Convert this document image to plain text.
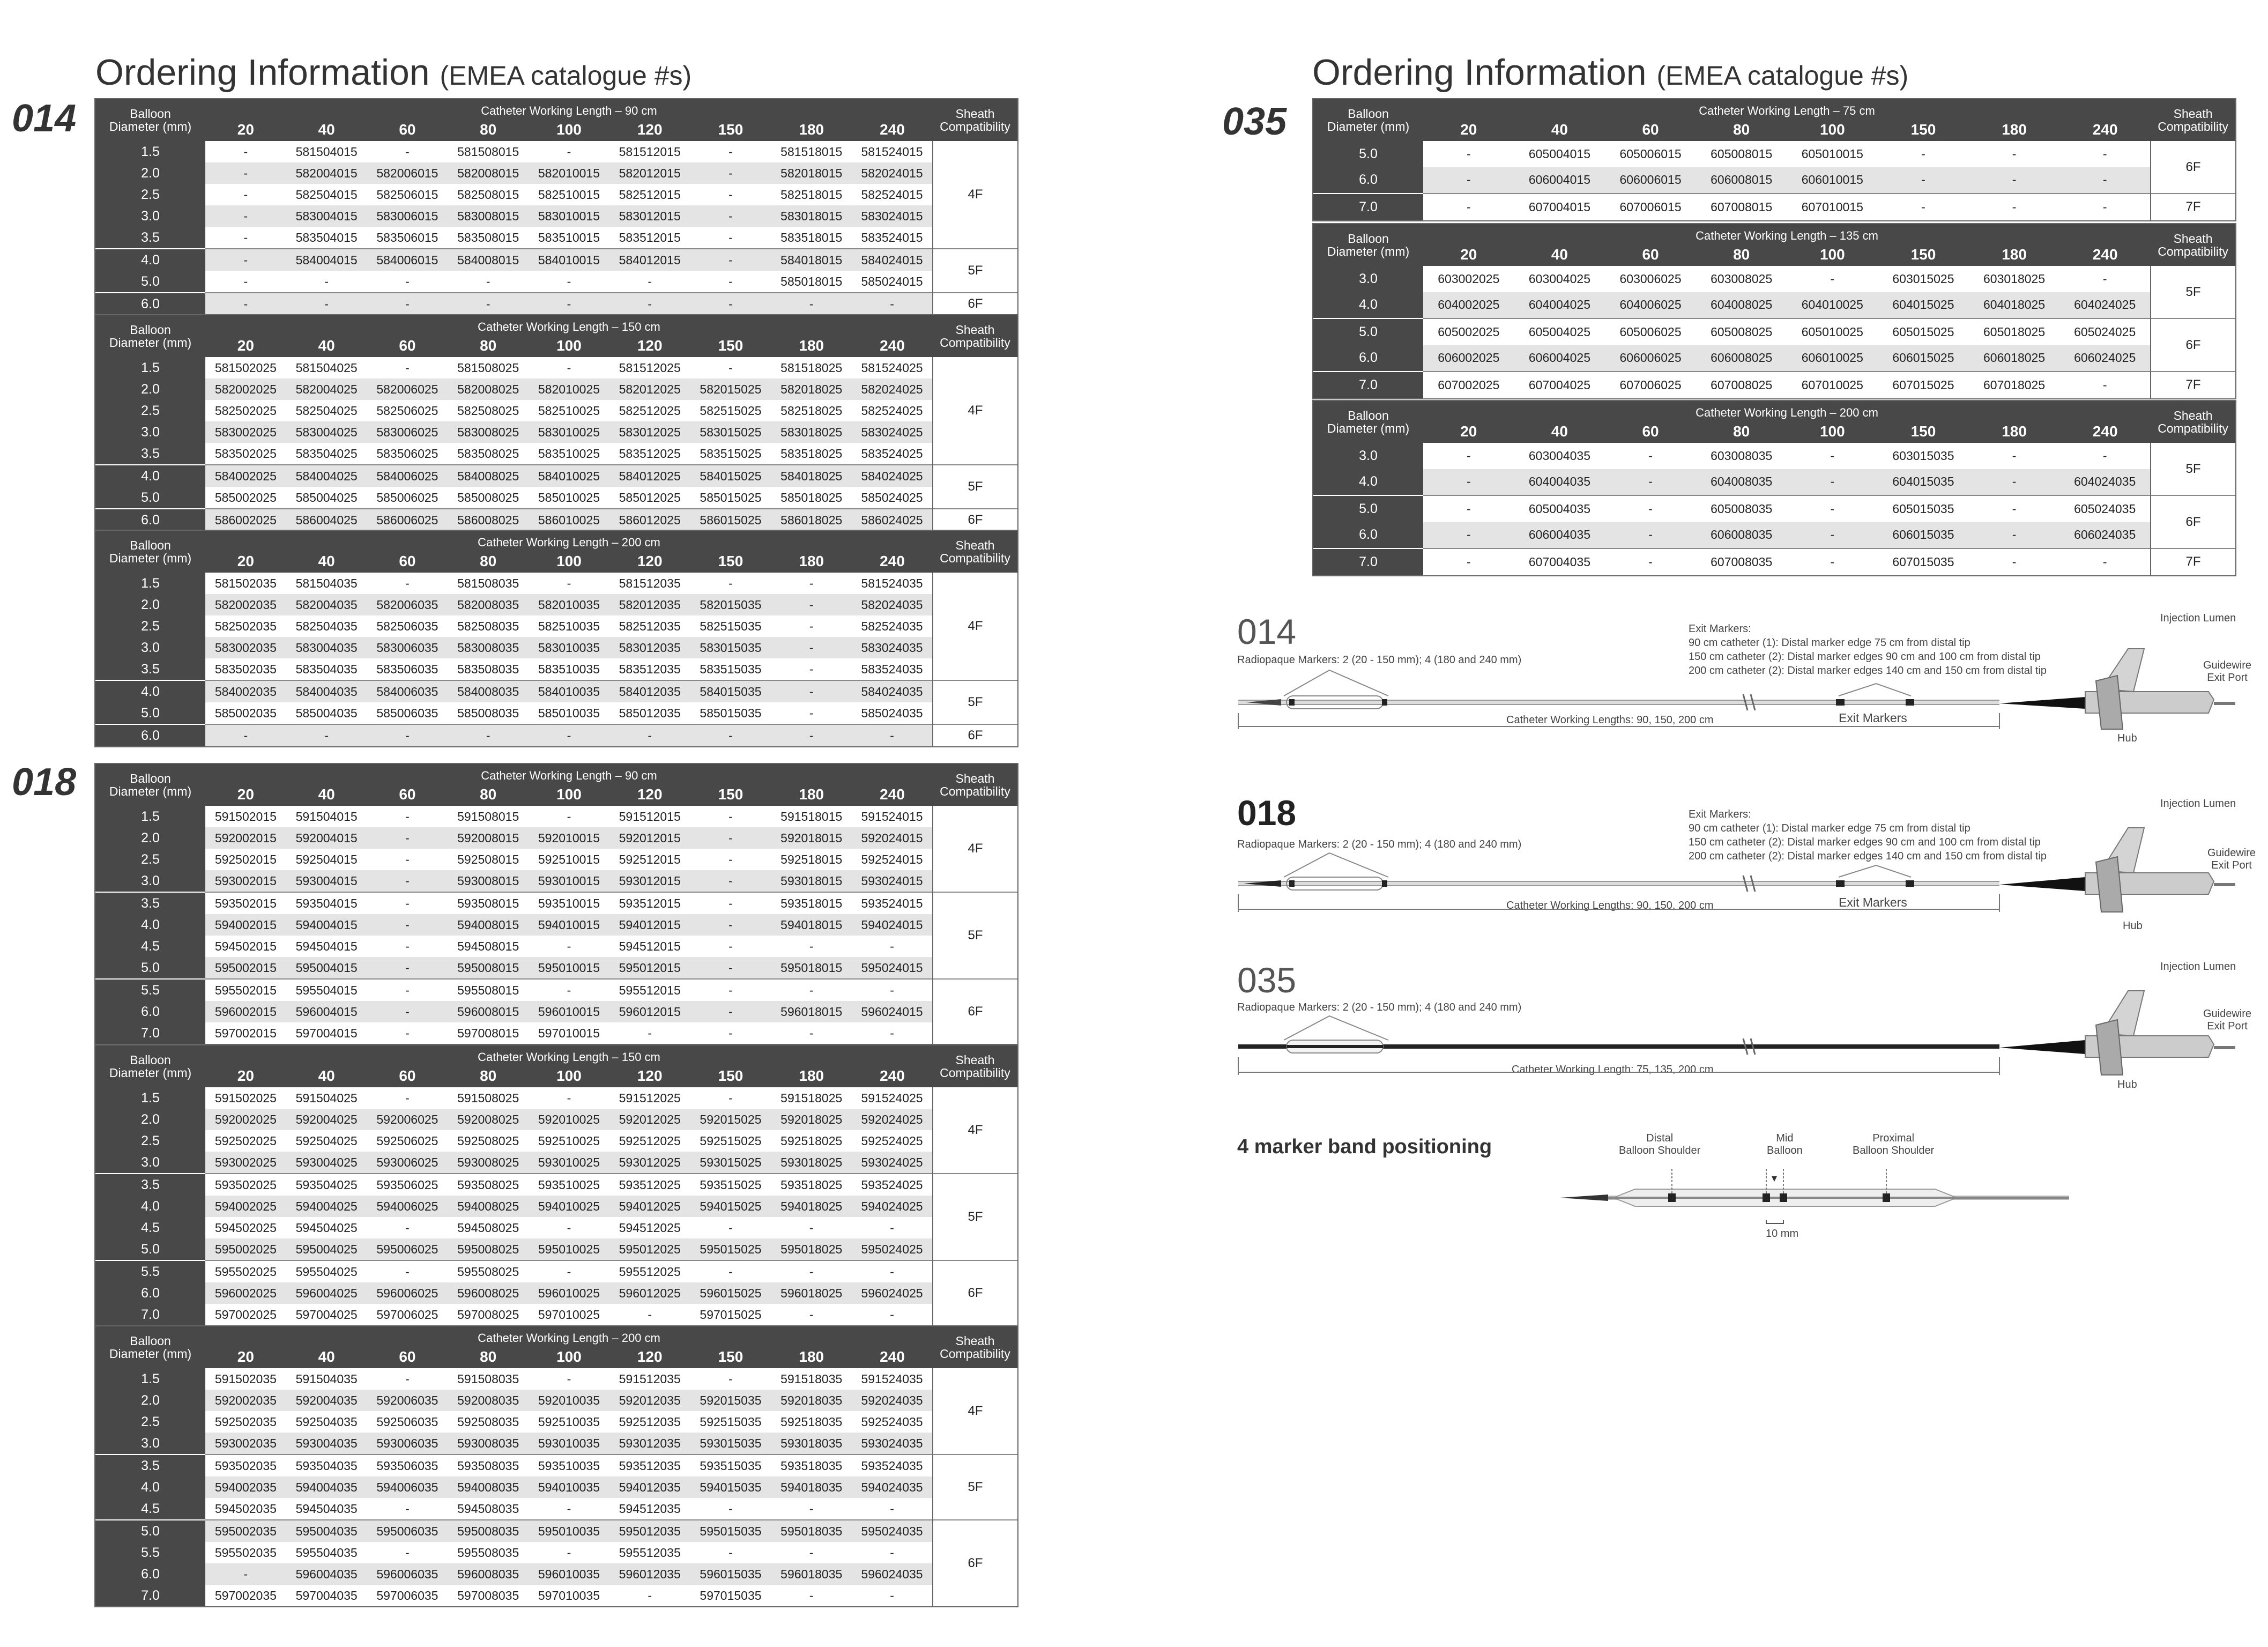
Ordering Information (EMEA catalogue #s)	Ordering Information (EMEA catalogue #s)
014
018
035
Balloon
Diameter (mm)	Catheter Working Length – 90 cm									Sheath
Compatibility
	20	40	60	80	100	120	150	180	240	
1.5	-	581504015	-	581508015	-	581512015	-	581518015	581524015	4F
2.0	-	582004015	582006015	582008015	582010015	582012015	-	582018015	582024015	
2.5	-	582504015	582506015	582508015	582510015	582512015	-	582518015	582524015	
3.0	-	583004015	583006015	583008015	583010015	583012015	-	583018015	583024015	
3.5	-	583504015	583506015	583508015	583510015	583512015	-	583518015	583524015	
4.0	-	584004015	584006015	584008015	584010015	584012015	-	584018015	584024015	5F
5.0	-	-	-	-	-	-	-	585018015	585024015	
6.0	-	-	-	-	-	-	-	-	-	6F
Balloon
Diameter (mm)	Catheter Working Length – 150 cm									Sheath
Compatibility
	20	40	60	80	100	120	150	180	240	
1.5	581502025	581504025	-	581508025	-	581512025	-	581518025	581524025	4F
2.0	582002025	582004025	582006025	582008025	582010025	582012025	582015025	582018025	582024025	
2.5	582502025	582504025	582506025	582508025	582510025	582512025	582515025	582518025	582524025	
3.0	583002025	583004025	583006025	583008025	583010025	583012025	583015025	583018025	583024025	
3.5	583502025	583504025	583506025	583508025	583510025	583512025	583515025	583518025	583524025	
4.0	584002025	584004025	584006025	584008025	584010025	584012025	584015025	584018025	584024025	5F
5.0	585002025	585004025	585006025	585008025	585010025	585012025	585015025	585018025	585024025	
6.0	586002025	586004025	586006025	586008025	586010025	586012025	586015025	586018025	586024025	6F
Balloon
Diameter (mm)	Catheter Working Length – 200 cm									Sheath
Compatibility
	20	40	60	80	100	120	150	180	240	
1.5	581502035	581504035	-	581508035	-	581512035	-	-	581524035	4F
2.0	582002035	582004035	582006035	582008035	582010035	582012035	582015035	-	582024035	
2.5	582502035	582504035	582506035	582508035	582510035	582512035	582515035	-	582524035	
3.0	583002035	583004035	583006035	583008035	583010035	583012035	583015035	-	583024035	
3.5	583502035	583504035	583506035	583508035	583510035	583512035	583515035	-	583524035	
4.0	584002035	584004035	584006035	584008035	584010035	584012035	584015035	-	584024035	5F
5.0	585002035	585004035	585006035	585008035	585010035	585012035	585015035	-	585024035	
6.0	-	-	-	-	-	-	-	-	-	6F
Balloon
Diameter (mm)	Catheter Working Length – 90 cm									Sheath
Compatibility
	20	40	60	80	100	120	150	180	240	
1.5	591502015	591504015	-	591508015	-	591512015	-	591518015	591524015	4F
2.0	592002015	592004015	-	592008015	592010015	592012015	-	592018015	592024015	
2.5	592502015	592504015	-	592508015	592510015	592512015	-	592518015	592524015	
3.0	593002015	593004015	-	593008015	593010015	593012015	-	593018015	593024015	
3.5	593502015	593504015	-	593508015	593510015	593512015	-	593518015	593524015	5F
4.0	594002015	594004015	-	594008015	594010015	594012015	-	594018015	594024015	
4.5	594502015	594504015	-	594508015	-	594512015	-	-	-	
5.0	595002015	595004015	-	595008015	595010015	595012015	-	595018015	595024015	
5.5	595502015	595504015	-	595508015	-	595512015	-	-	-	6F
6.0	596002015	596004015	-	596008015	596010015	596012015	-	596018015	596024015	
7.0	597002015	597004015	-	597008015	597010015	-	-	-	-	
Balloon
Diameter (mm)	Catheter Working Length – 150 cm									Sheath
Compatibility
	20	40	60	80	100	120	150	180	240	
1.5	591502025	591504025	-	591508025	-	591512025	-	591518025	591524025	4F
2.0	592002025	592004025	592006025	592008025	592010025	592012025	592015025	592018025	592024025	
2.5	592502025	592504025	592506025	592508025	592510025	592512025	592515025	592518025	592524025	
3.0	593002025	593004025	593006025	593008025	593010025	593012025	593015025	593018025	593024025	
3.5	593502025	593504025	593506025	593508025	593510025	593512025	593515025	593518025	593524025	5F
4.0	594002025	594004025	594006025	594008025	594010025	594012025	594015025	594018025	594024025	
4.5	594502025	594504025	-	594508025	-	594512025	-	-	-	
5.0	595002025	595004025	595006025	595008025	595010025	595012025	595015025	595018025	595024025	
5.5	595502025	595504025	-	595508025	-	595512025	-	-	-	6F
6.0	596002025	596004025	596006025	596008025	596010025	596012025	596015025	596018025	596024025	
7.0	597002025	597004025	597006025	597008025	597010025	-	597015025	-	-	
Balloon
Diameter (mm)	Catheter Working Length – 200 cm									Sheath
Compatibility
	20	40	60	80	100	120	150	180	240	
1.5	591502035	591504035	-	591508035	-	591512035	-	591518035	591524035	4F
2.0	592002035	592004035	592006035	592008035	592010035	592012035	592015035	592018035	592024035	
2.5	592502035	592504035	592506035	592508035	592510035	592512035	592515035	592518035	592524035	
3.0	593002035	593004035	593006035	593008035	593010035	593012035	593015035	593018035	593024035	
3.5	593502035	593504035	593506035	593508035	593510035	593512035	593515035	593518035	593524035	5F
4.0	594002035	594004035	594006035	594008035	594010035	594012035	594015035	594018035	594024035	
4.5	594502035	594504035	-	594508035	-	594512035	-	-	-	
5.0	595002035	595004035	595006035	595008035	595010035	595012035	595015035	595018035	595024035	6F
5.5	595502035	595504035	-	595508035	-	595512035	-	-	-	
6.0	-	596004035	596006035	596008035	596010035	596012035	596015035	596018035	596024035	
7.0	597002035	597004035	597006035	597008035	597010035	-	597015035	-	-	
Balloon
Diameter (mm)	Catheter Working Length – 75 cm								Sheath
Compatibility
	20	40	60	80	100	150	180	240	
5.0	-	605004015	605006015	605008015	605010015	-	-	-	6F
6.0	-	606004015	606006015	606008015	606010015	-	-	-	
7.0	-	607004015	607006015	607008015	607010015	-	-	-	7F
Balloon
Diameter (mm)	Catheter Working Length – 135 cm								Sheath
Compatibility
	20	40	60	80	100	150	180	240	
3.0	603002025	603004025	603006025	603008025	-	603015025	603018025	-	5F
4.0	604002025	604004025	604006025	604008025	604010025	604015025	604018025	604024025	
5.0	605002025	605004025	605006025	605008025	605010025	605015025	605018025	605024025	6F
6.0	606002025	606004025	606006025	606008025	606010025	606015025	606018025	606024025	
7.0	607002025	607004025	607006025	607008025	607010025	607015025	607018025	-	7F
Balloon
Diameter (mm)	Catheter Working Length – 200 cm								Sheath
Compatibility
	20	40	60	80	100	150	180	240	
3.0	-	603004035	-	603008035	-	603015035	-	-	5F
4.0	-	604004035	-	604008035	-	604015035	-	604024035	
5.0	-	605004035	-	605008035	-	605015035	-	605024035	6F
6.0	-	606004035	-	606008035	-	606015035	-	606024035	
7.0	-	607004035	-	607008035	-	607015035	-	-	7F
014
Radiopaque Markers: 2 (20 - 150 mm); 4 (180 and 240 mm)
Exit Markers:
90 cm catheter (1): Distal marker edge 75 cm from distal tip
150 cm catheter (2): Distal marker edges 90 cm and 100 cm from distal tip
200 cm catheter (2): Distal marker edges 140 cm and 150 cm from distal tip
Injection Lumen
Guidewire
Exit Port
Hub
Exit Markers
Catheter Working Lengths: 90, 150, 200 cm
018
Radiopaque Markers: 2 (20 - 150 mm); 4 (180 and 240 mm)
Exit Markers:
90 cm catheter (1): Distal marker edge 75 cm from distal tip
150 cm catheter (2): Distal marker edges 90 cm and 100 cm from distal tip
200 cm catheter (2): Distal marker edges 140 cm and 150 cm from distal tip
Injection Lumen
Guidewire
Exit Port
Hub
Exit Markers
Catheter Working Lengths: 90, 150, 200 cm
035
Radiopaque Markers: 2 (20 - 150 mm); 4 (180 and 240 mm)
Injection Lumen
Guidewire
Exit Port
Hub
Catheter Working Length: 75, 135, 200 cm
4 marker band positioning	Distal
Balloon Shoulder
Mid
Balloon
Proximal
Balloon Shoulder
10 mm
